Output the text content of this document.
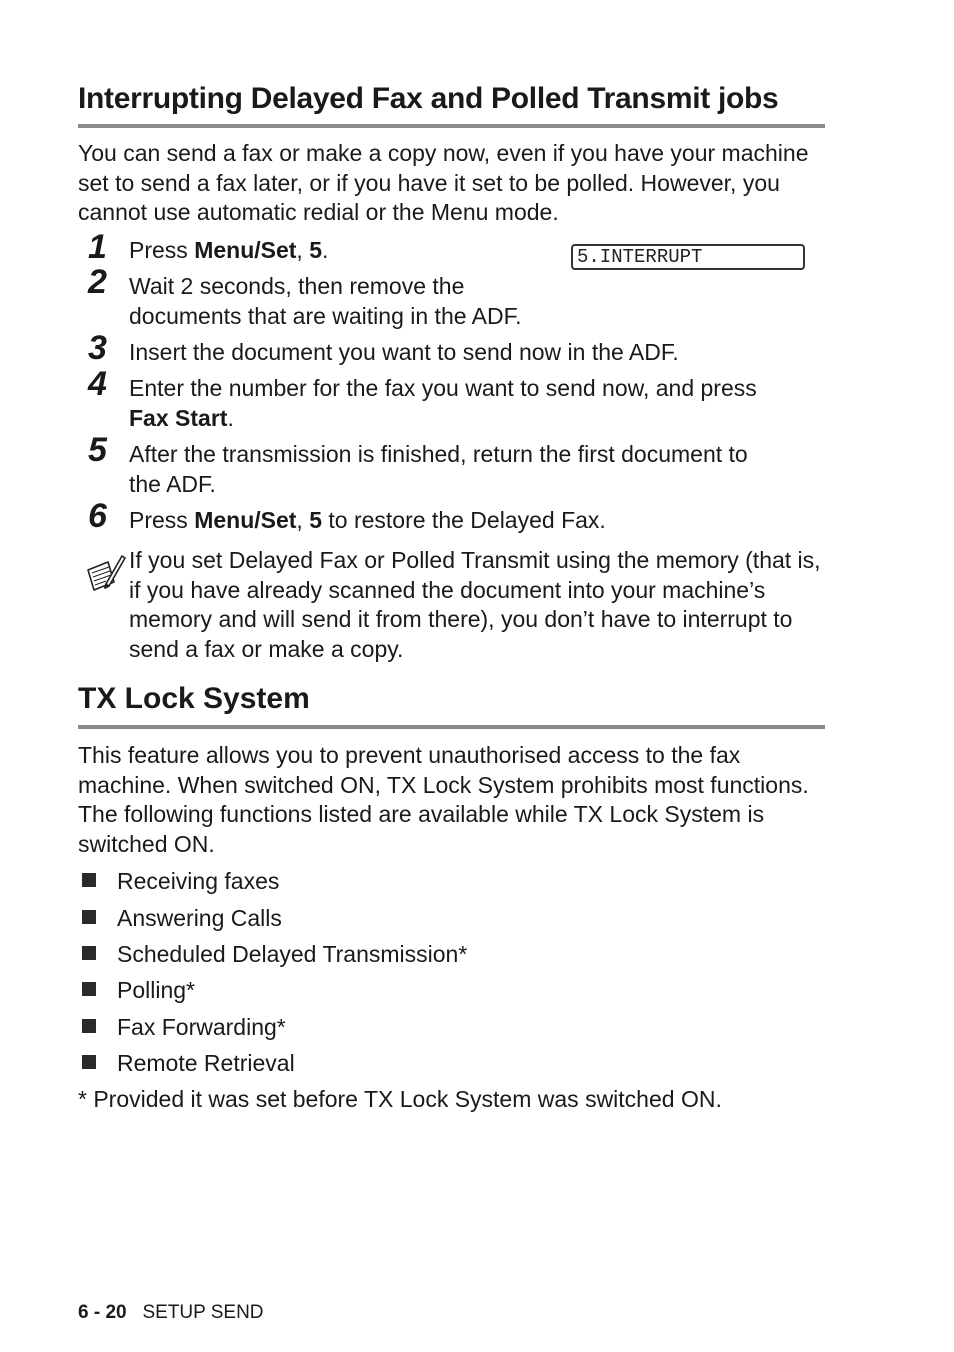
Interrupting Delayed Fax and Polled Transmit jobs
You can send a fax or make a copy now, even if you have your machine set to send a fax later, or if you have it set to be polled. However, you cannot use automatic redial or the Menu mode.
5.INTERRUPT
1 Press Menu/Set, 5.
2 Wait 2 seconds, then remove the
documents that are waiting in the ADF.
3 Insert the document you want to send now in the ADF.
4 Enter the number for the fax you want to send now, and press
Fax Start.
5 After the transmission is finished, return the first document to
the ADF.
6 Press Menu/Set, 5 to restore the Delayed Fax.
If you set Delayed Fax or Polled Transmit using the memory (that is, if you have already scanned the document into your machine’s memory and will send it from there), you don’t have to interrupt to send a fax or make a copy.
TX Lock System
This feature allows you to prevent unauthorised access to the fax machine. When switched ON, TX Lock System prohibits most functions. The following functions listed are available while TX Lock System is switched ON.
Receiving faxes
Answering Calls
Scheduled Delayed Transmission*
Polling*
Fax Forwarding*
Remote Retrieval
* Provided it was set before TX Lock System was switched ON.
6 - 20 SETUP SEND
